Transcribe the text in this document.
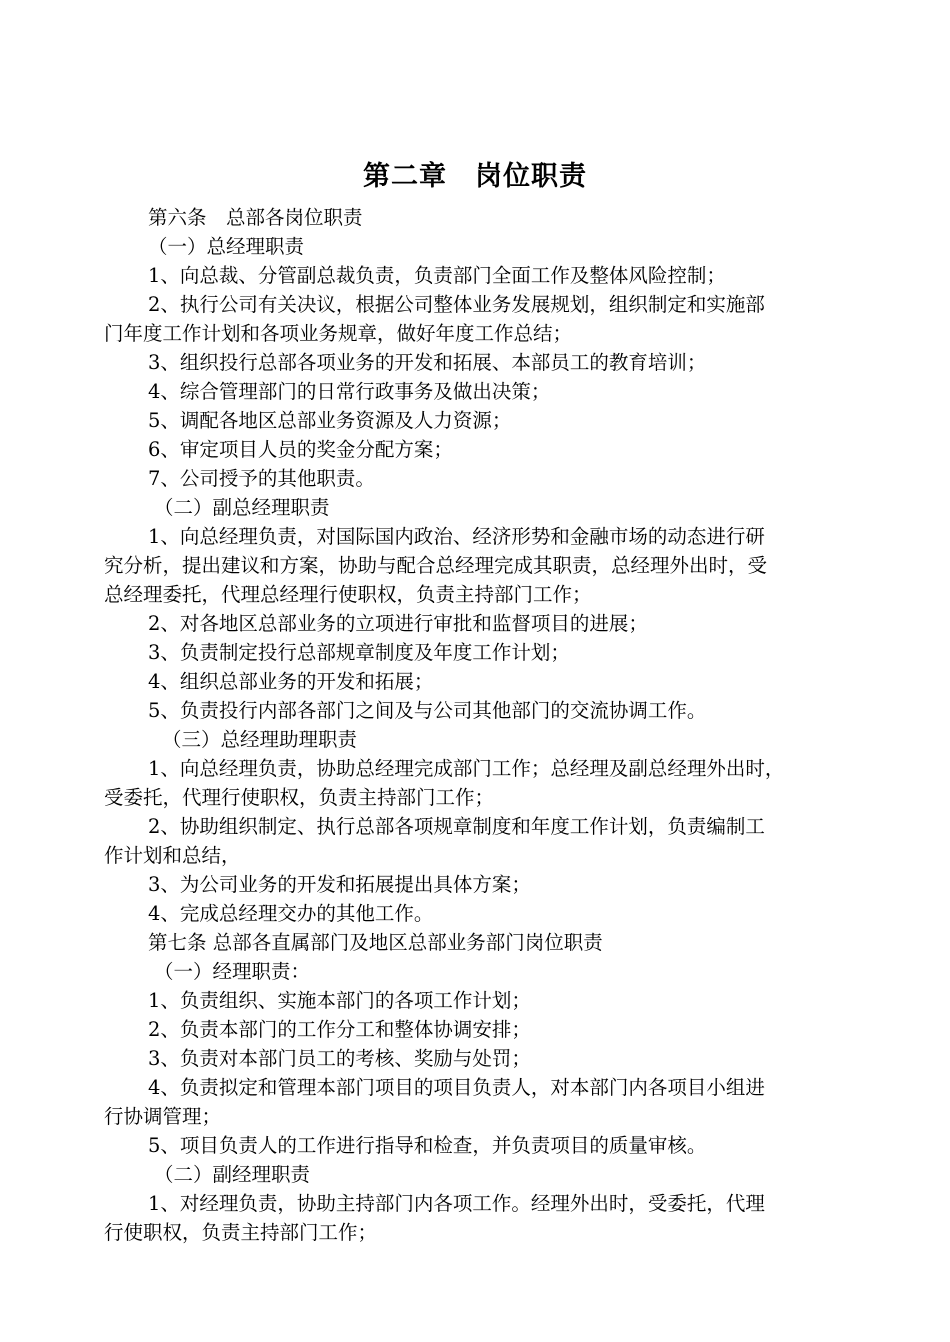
第二章　岗位职责
第六条　总部各岗位职责
（一）总经理职责
1、向总裁、分管副总裁负责，负责部门全面工作及整体风险控制；
2、执行公司有关决议，根据公司整体业务发展规划，组织制定和实施部
门年度工作计划和各项业务规章，做好年度工作总结；
3、组织投行总部各项业务的开发和拓展、本部员工的教育培训；
4、综合管理部门的日常行政事务及做出决策；
5、调配各地区总部业务资源及人力资源；
6、审定项目人员的奖金分配方案；
7、公司授予的其他职责。
（二）副总经理职责
1、向总经理负责，对国际国内政治、经济形势和金融市场的动态进行研
究分析，提出建议和方案，协助与配合总经理完成其职责，总经理外出时，受
总经理委托，代理总经理行使职权，负责主持部门工作；
2、对各地区总部业务的立项进行审批和监督项目的进展；
3、负责制定投行总部规章制度及年度工作计划；
4、组织总部业务的开发和拓展；
5、负责投行内部各部门之间及与公司其他部门的交流协调工作。
（三）总经理助理职责
1、向总经理负责，协助总经理完成部门工作；总经理及副总经理外出时，
受委托，代理行使职权，负责主持部门工作；
2、协助组织制定、执行总部各项规章制度和年度工作计划，负责编制工
作计划和总结，
3、为公司业务的开发和拓展提出具体方案；
4、完成总经理交办的其他工作。
第七条 总部各直属部门及地区总部业务部门岗位职责
（一）经理职责：
1、负责组织、实施本部门的各项工作计划；
2、负责本部门的工作分工和整体协调安排；
3、负责对本部门员工的考核、奖励与处罚；
4、负责拟定和管理本部门项目的项目负责人，对本部门内各项目小组进
行协调管理；
5、项目负责人的工作进行指导和检查，并负责项目的质量审核。
（二）副经理职责
1、对经理负责，协助主持部门内各项工作。经理外出时，受委托，代理
行使职权，负责主持部门工作；
